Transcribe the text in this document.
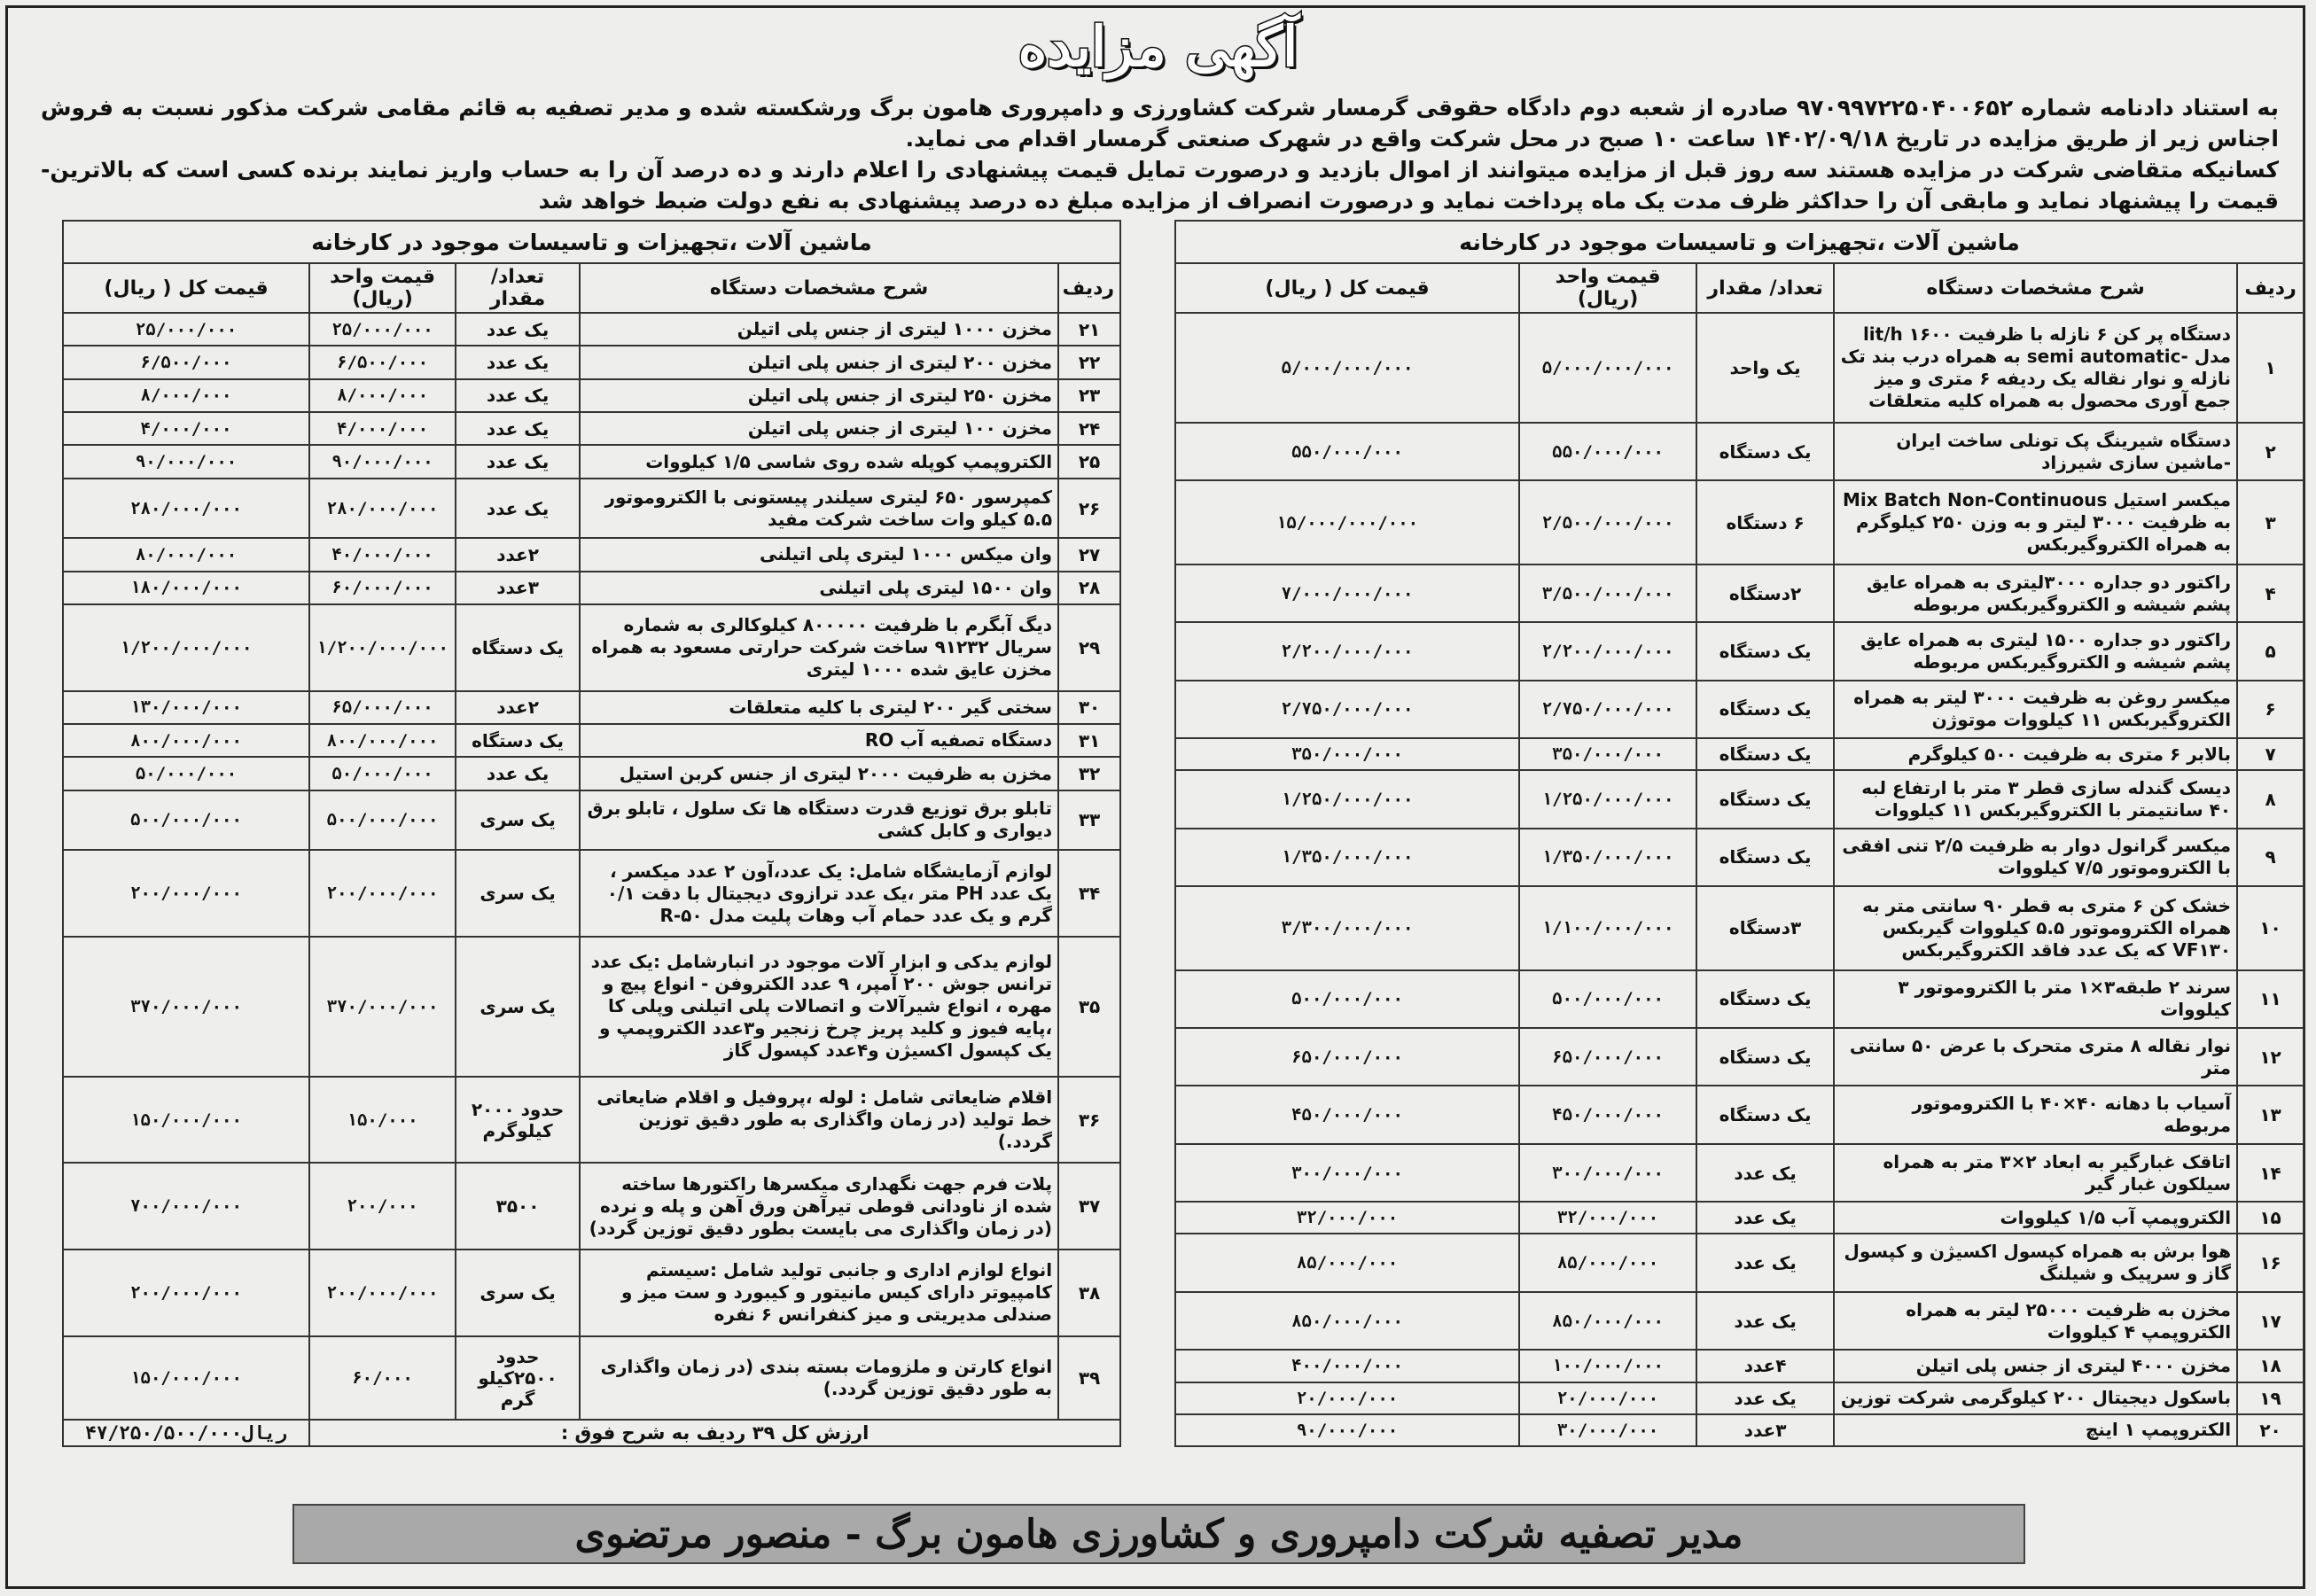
آگهی مزایده

به استناد دادنامه شماره ۹۷۰۹۹۷۲۲۵۰۴۰۰۶۵۲ صادره از شعبه دوم دادگاه حقوقی گرمسار شرکت کشاورزی و دامپروری هامون برگ ورشکسته شده و مدیر تصفیه به قائم مقامی شرکت مذکور نسبت به فروش اجناس زیر از طریق مزایده در تاریخ ۱۴۰۲/۰۹/۱۸ ساعت ۱۰ صبح در محل شرکت واقع در شهرک صنعتی گرمسار اقدام می نماید.

کسانیکه متقاضی شرکت در مزایده هستند سه روز قبل از مزایده میتوانند از اموال بازدید و درصورت تمایل قیمت پیشنهادی را اعلام دارند و ده درصد آن را به حساب واریز نمایند برنده کسی است که بالاترین-قیمت را پیشنهاد نماید و مابقی آن را حداکثر ظرف مدت یک ماه پرداخت نماید و درصورت انصراف از مزایده مبلغ ده درصد پیشنهادی به نفع دولت ضبط خواهد شد

ماشین آلات ،تجهیزات و تاسیسات موجود در کارخانه				
ردیف	شرح مشخصات دستگاه	تعداد/ مقدار	قیمت واحد (ریال)	قیمت کل ( ریال)
۱	دستگاه پر کن ۶ نازله با ظرفیت ۱۶۰۰ lit/h مدل -semi automatic به همراه درب بند تک نازله و نوار نقاله یک ردیفه ۶ متری و میز جمع آوری محصول به همراه کلیه متعلقات	یک واحد	۵/۰۰۰/۰۰۰/۰۰۰	۵/۰۰۰/۰۰۰/۰۰۰
۲	دستگاه شیرینگ پک تونلی ساخت ایران -ماشین سازی شیرزاد	یک دستگاه	۵۵۰/۰۰۰/۰۰۰	۵۵۰/۰۰۰/۰۰۰
۳	میکسر استیل Mix Batch Non-Continuous به ظرفیت ۳۰۰۰ لیتر و به وزن ۲۵۰ کیلوگرم به همراه الکتروگیربکس	۶ دستگاه	۲/۵۰۰/۰۰۰/۰۰۰	۱۵/۰۰۰/۰۰۰/۰۰۰
۴	راکتور دو جداره ۳۰۰۰لیتری به همراه عایق پشم شیشه و الکتروگیربکس مربوطه	۲دستگاه	۳/۵۰۰/۰۰۰/۰۰۰	۷/۰۰۰/۰۰۰/۰۰۰
۵	راکتور دو جداره ۱۵۰۰ لیتری به همراه عایق پشم شیشه و الکتروگیربکس مربوطه	یک دستگاه	۲/۲۰۰/۰۰۰/۰۰۰	۲/۲۰۰/۰۰۰/۰۰۰
۶	میکسر روغن به ظرفیت ۳۰۰۰ لیتر به همراه الکتروگیربکس ۱۱ کیلووات موتوژن	یک دستگاه	۲/۷۵۰/۰۰۰/۰۰۰	۲/۷۵۰/۰۰۰/۰۰۰
۷	بالابر ۶ متری به ظرفیت ۵۰۰ کیلوگرم	یک دستگاه	۳۵۰/۰۰۰/۰۰۰	۳۵۰/۰۰۰/۰۰۰
۸	دیسک گندله سازی قطر ۳ متر با ارتفاع لبه ۴۰ سانتیمتر با الکتروگیربکس ۱۱ کیلووات	یک دستگاه	۱/۲۵۰/۰۰۰/۰۰۰	۱/۲۵۰/۰۰۰/۰۰۰
۹	میکسر گرانول دوار به ظرفیت ۲/۵ تنی افقی با الکتروموتور ۷/۵ کیلووات	یک دستگاه	۱/۳۵۰/۰۰۰/۰۰۰	۱/۳۵۰/۰۰۰/۰۰۰
۱۰	خشک کن ۶ متری به قطر ۹۰ سانتی متر به همراه الکتروموتور ۵.۵ کیلووات گیربکس VF۱۳۰ که یک عدد فاقد الکتروگیربکس	۳دستگاه	۱/۱۰۰/۰۰۰/۰۰۰	۳/۳۰۰/۰۰۰/۰۰۰
۱۱	سرند ۲ طبقه۳×۱ متر با الکتروموتور ۳ کیلووات	یک دستگاه	۵۰۰/۰۰۰/۰۰۰	۵۰۰/۰۰۰/۰۰۰
۱۲	نوار نقاله ۸ متری متحرک با عرض ۵۰ سانتی متر	یک دستگاه	۶۵۰/۰۰۰/۰۰۰	۶۵۰/۰۰۰/۰۰۰
۱۳	آسیاب با دهانه ۴۰×۴۰ با الکتروموتور مربوطه	یک دستگاه	۴۵۰/۰۰۰/۰۰۰	۴۵۰/۰۰۰/۰۰۰
۱۴	اتاقک غبارگیر به ابعاد ۲×۳ متر به همراه سیلکون غبار گیر	یک عدد	۳۰۰/۰۰۰/۰۰۰	۳۰۰/۰۰۰/۰۰۰
۱۵	الکتروپمپ آب ۱/۵ کیلووات	یک عدد	۳۲/۰۰۰/۰۰۰	۳۲/۰۰۰/۰۰۰
۱۶	هوا برش به همراه کپسول اکسیژن و کپسول گاز و سرپیک و شیلنگ	یک عدد	۸۵/۰۰۰/۰۰۰	۸۵/۰۰۰/۰۰۰
۱۷	مخزن به ظرفیت ۲۵۰۰۰ لیتر به همراه الکتروپمپ ۴ کیلووات	یک عدد	۸۵۰/۰۰۰/۰۰۰	۸۵۰/۰۰۰/۰۰۰
۱۸	مخزن ۴۰۰۰ لیتری از جنس پلی اتیلن	۴عدد	۱۰۰/۰۰۰/۰۰۰	۴۰۰/۰۰۰/۰۰۰
۱۹	باسکول دیجیتال ۲۰۰ کیلوگرمی شرکت توزین	یک عدد	۲۰/۰۰۰/۰۰۰	۲۰/۰۰۰/۰۰۰
۲۰	الکتروپمپ ۱ اینچ	۳عدد	۳۰/۰۰۰/۰۰۰	۹۰/۰۰۰/۰۰۰
ماشین آلات ،تجهیزات و تاسیسات موجود در کارخانه				
ردیف	شرح مشخصات دستگاه	تعداد/ مقدار	قیمت واحد (ریال)	قیمت کل ( ریال)
۲۱	مخزن ۱۰۰۰ لیتری از جنس پلی اتیلن	یک عدد	۲۵/۰۰۰/۰۰۰	۲۵/۰۰۰/۰۰۰
۲۲	مخزن ۲۰۰ لیتری از جنس پلی اتیلن	یک عدد	۶/۵۰۰/۰۰۰	۶/۵۰۰/۰۰۰
۲۳	مخزن ۲۵۰ لیتری از جنس پلی اتیلن	یک عدد	۸/۰۰۰/۰۰۰	۸/۰۰۰/۰۰۰
۲۴	مخزن ۱۰۰ لیتری از جنس پلی اتیلن	یک عدد	۴/۰۰۰/۰۰۰	۴/۰۰۰/۰۰۰
۲۵	الکتروپمپ کوپله شده روی شاسی ۱/۵ کیلووات	یک عدد	۹۰/۰۰۰/۰۰۰	۹۰/۰۰۰/۰۰۰
۲۶	کمپرسور ۶۵۰ لیتری سیلندر پیستونی با الکتروموتور ۵.۵ کیلو وات ساخت شرکت مفید	یک عدد	۲۸۰/۰۰۰/۰۰۰	۲۸۰/۰۰۰/۰۰۰
۲۷	وان میکس ۱۰۰۰ لیتری پلی اتیلنی	۲عدد	۴۰/۰۰۰/۰۰۰	۸۰/۰۰۰/۰۰۰
۲۸	وان ۱۵۰۰ لیتری پلی اتیلنی	۳عدد	۶۰/۰۰۰/۰۰۰	۱۸۰/۰۰۰/۰۰۰
۲۹	دیگ آبگرم با ظرفیت ۸۰۰۰۰۰ کیلوکالری به شماره سریال ۹۱۲۳۲ ساخت شرکت حرارتی مسعود به همراه مخزن عایق شده ۱۰۰۰ لیتری	یک دستگاه	۱/۲۰۰/۰۰۰/۰۰۰	۱/۲۰۰/۰۰۰/۰۰۰
۳۰	سختی گیر ۲۰۰ لیتری با کلیه متعلقات	۲عدد	۶۵/۰۰۰/۰۰۰	۱۳۰/۰۰۰/۰۰۰
۳۱	دستگاه تصفیه آب RO	یک دستگاه	۸۰۰/۰۰۰/۰۰۰	۸۰۰/۰۰۰/۰۰۰
۳۲	مخزن به ظرفیت ۲۰۰۰ لیتری از جنس کربن استیل	یک عدد	۵۰/۰۰۰/۰۰۰	۵۰/۰۰۰/۰۰۰
۳۳	تابلو برق توزیع قدرت دستگاه ها تک سلول ، تابلو برق دیواری و کابل کشی	یک سری	۵۰۰/۰۰۰/۰۰۰	۵۰۰/۰۰۰/۰۰۰
۳۴	لوازم آزمایشگاه شامل: یک عدد،آون ۲ عدد میکسر ، یک عدد PH متر ،یک عدد ترازوی دیجیتال با دقت ۰/۱ گرم و یک عدد حمام آب وهات پلیت مدل R-۵۰	یک سری	۲۰۰/۰۰۰/۰۰۰	۲۰۰/۰۰۰/۰۰۰
۳۵	لوازم یدکی و ابزار آلات موجود در انبارشامل :یک عدد ترانس جوش ۲۰۰ آمپر، ۹ عدد الکتروفن - انواع پیچ و مهره ، انواع شیرآلات و اتصالات پلی اتیلنی وپلی کا ،پایه فیوز و کلید پریز چرخ زنجیر و۳عدد الکتروپمپ و یک کپسول اکسیژن و۴عدد کپسول گاز	یک سری	۳۷۰/۰۰۰/۰۰۰	۳۷۰/۰۰۰/۰۰۰
۳۶	اقلام ضایعاتی شامل : لوله ،پروفیل و اقلام ضایعاتی خط تولید (در زمان واگذاری به طور دقیق توزین گردد.)	حدود ۲۰۰۰ کیلوگرم	۱۵۰/۰۰۰	۱۵۰/۰۰۰/۰۰۰
۳۷	پلات فرم جهت نگهداری میکسرها راکتورها ساخته شده از ناودانی قوطی تیرآهن ورق آهن و پله و نرده (در زمان واگذاری می بایست بطور دقیق توزین گردد)	۳۵۰۰	۲۰۰/۰۰۰	۷۰۰/۰۰۰/۰۰۰
۳۸	انواع لوازم اداری و جانبی تولید شامل :سیستم کامپیوتر دارای کیس مانیتور و کیبورد و ست میز و صندلی مدیریتی و میز کنفرانس ۶ نفره	یک سری	۲۰۰/۰۰۰/۰۰۰	۲۰۰/۰۰۰/۰۰۰
۳۹	انواع کارتن و ملزومات بسته بندی (در زمان واگذاری به طور دقیق توزین گردد.)	حدود ۲۵۰۰کیلو گرم	۶۰/۰۰۰	۱۵۰/۰۰۰/۰۰۰
ارزش کل ۳۹ ردیف به شرح فوق :				۴۷/۲۵۰/۵۰۰/۰۰۰ریال
مدیر تصفیه شرکت دامپروری و کشاورزی هامون برگ - منصور مرتضوی
